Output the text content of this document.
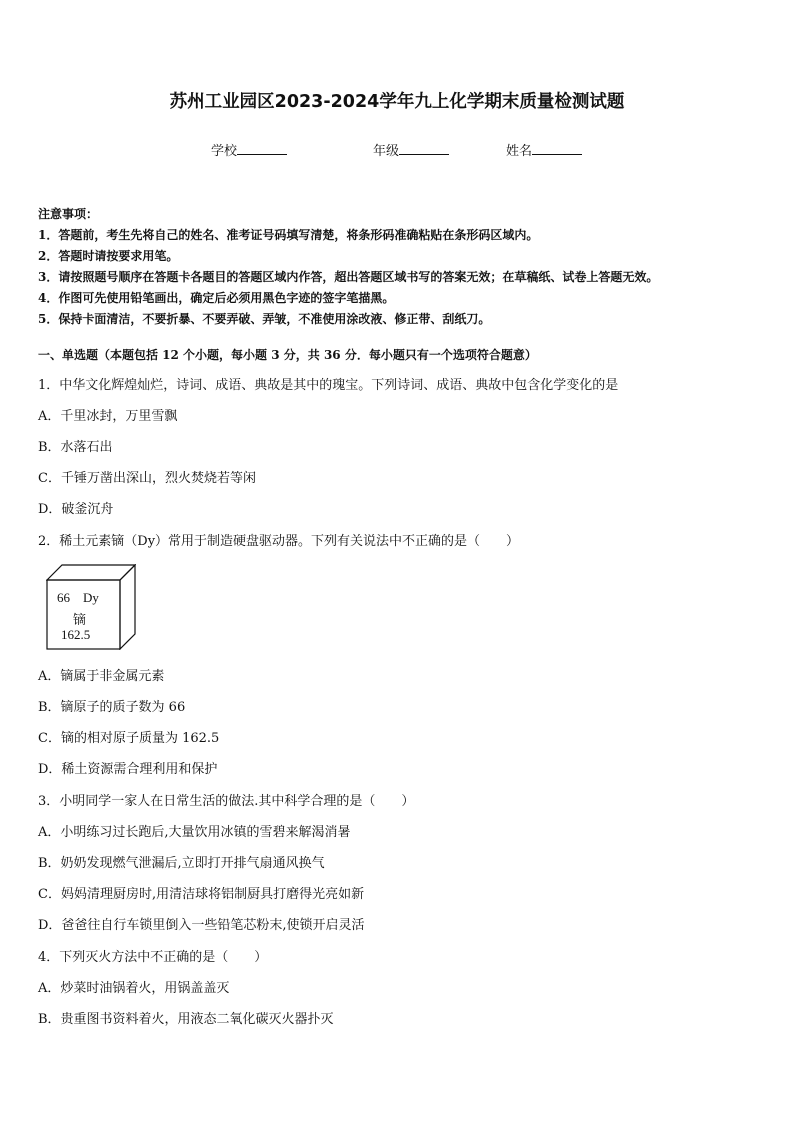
苏州工业园区2023-2024学年九上化学期末质量检测试题
学校	年级	姓名
注意事项：
1．答题前，考生先将自己的姓名、准考证号码填写清楚，将条形码准确粘贴在条形码区域内。
2．答题时请按要求用笔。
3．请按照题号顺序在答题卡各题目的答题区域内作答，超出答题区域书写的答案无效；在草稿纸、试卷上答题无效。
4．作图可先使用铅笔画出，确定后必须用黑色字迹的签字笔描黑。
5．保持卡面清洁，不要折暴、不要弄破、弄皱，不准使用涂改液、修正带、刮纸刀。
一、单选题（本题包括 12 个小题，每小题 3 分，共 36 分．每小题只有一个选项符合题意）
1．中华文化辉煌灿烂，诗词、成语、典故是其中的瑰宝。下列诗词、成语、典故中包含化学变化的是
A．千里冰封，万里雪飘
B．水落石出
C．千锤万凿出深山，烈火焚烧若等闲
D．破釜沉舟
2．稀土元素镝（Dy）常用于制造硬盘驱动器。下列有关说法中不正确的是（　　）
66 Dy
镝
162.5
A．镝属于非金属元素
B．镝原子的质子数为 66
C．镝的相对原子质量为 162.5
D．稀土资源需合理利用和保护
3．小明同学一家人在日常生活的做法.其中科学合理的是（　　）
A．小明练习过长跑后,大量饮用冰镇的雪碧来解渴消暑
B．奶奶发现燃气泄漏后,立即打开排气扇通风换气
C．妈妈清理厨房时,用清洁球将铝制厨具打磨得光亮如新
D．爸爸往自行车锁里倒入一些铅笔芯粉末,使锁开启灵活
4．下列灭火方法中不正确的是（　　）
A．炒菜时油锅着火，用锅盖盖灭
B．贵重图书资料着火，用液态二氧化碳灭火器扑灭
